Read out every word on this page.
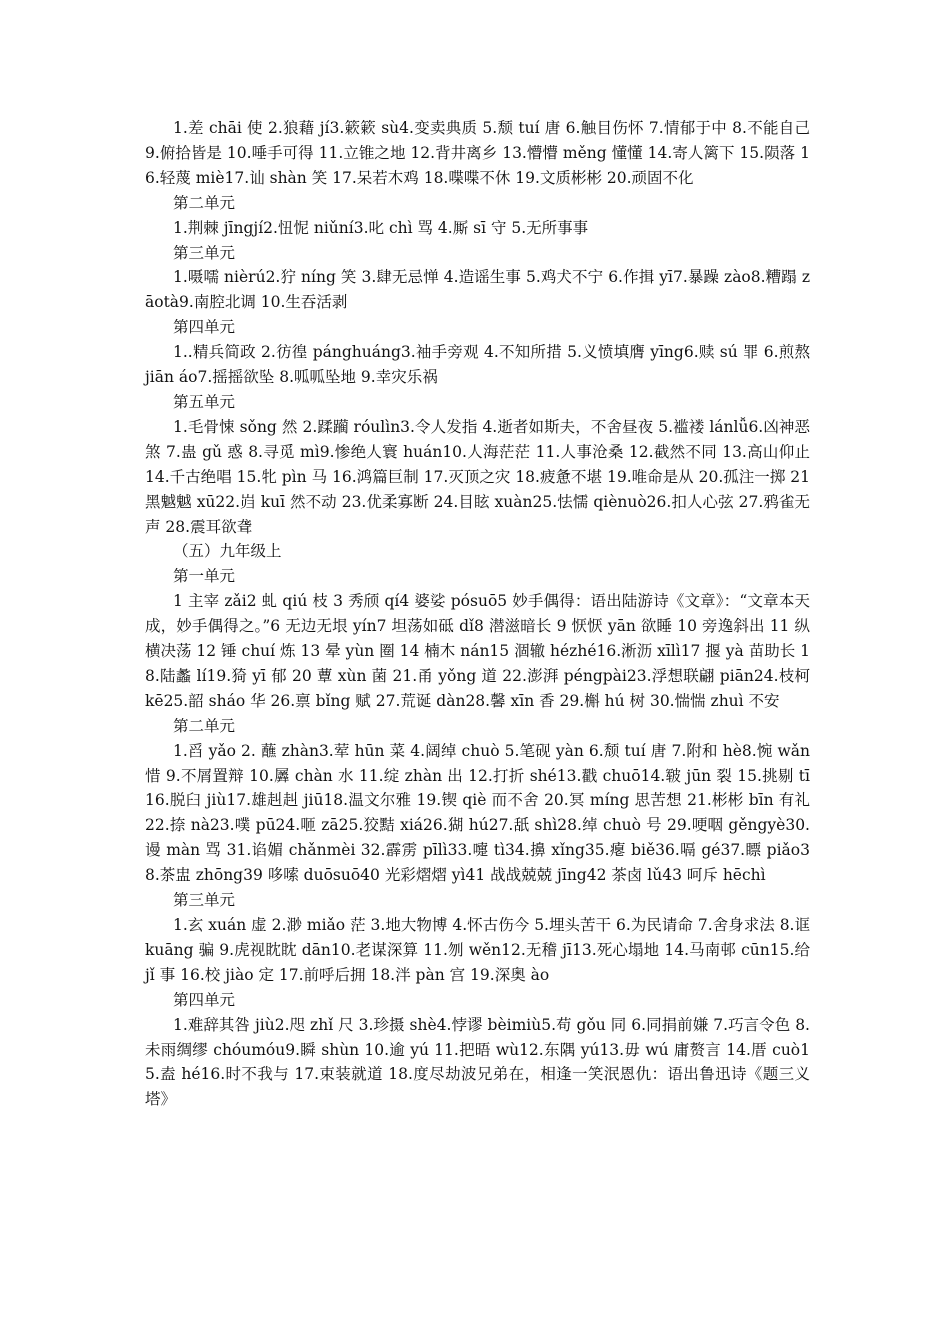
1.差 chāi 使 2.狼藉 jí3.簌簌 sù4.变卖典质 5.颓 tuí 唐 6.触目伤怀 7.情郁于中 8.不能自己 9.俯拾皆是 10.唾手可得 11.立锥之地 12.背井离乡 13.懵懵 měng 懂懂 14.寄人篱下 15.陨落 16.轻蔑 miè17.讪 shàn 笑 17.呆若木鸡 18.喋喋不休 19.文质彬彬 20.顽固不化

第二单元

1.荆棘 jīngjí2.忸怩 niǔní3.叱 chì 骂 4.厮 sī 守 5.无所事事

第三单元

1.嗫嚅 nièrú2.狞 níng 笑 3.肆无忌惮 4.造谣生事 5.鸡犬不宁 6.作揖 yī7.暴躁 zào8.糟蹋 zāotà9.南腔北调 10.生吞活剥

第四单元

1..精兵简政 2.彷徨 pánghuáng3.袖手旁观 4.不知所措 5.义愤填膺 yīng6.赎 sú 罪 6.煎熬 jiān áo7.摇摇欲坠 8.呱呱坠地 9.幸灾乐祸

第五单元

1.毛骨悚 sǒng 然 2.蹂躏 róulìn3.令人发指 4.逝者如斯夫，不舍昼夜 5.褴褛 lánlǚ6.凶神恶煞 7.蛊 gǔ 惑 8.寻觅 mì9.惨绝人寰 huán10.人海茫茫 11.人事沧桑 12.截然不同 13.高山仰止 14.千古绝唱 15.牝 pìn 马 16.鸿篇巨制 17.灭顶之灾 18.疲惫不堪 19.唯命是从 20.孤注一掷 21 黑魆魆 xū22.岿 kuī 然不动 23.优柔寡断 24.目眩 xuàn25.怯懦 qiènuò26.扣人心弦 27.鸦雀无声 28.震耳欲聋

（五）九年级上

第一单元

1 主宰 zǎi2 虬 qiú 枝 3 秀颀 qí4 婆娑 pósuō5 妙手偶得：语出陆游诗《文章》：“文章本天成，妙手偶得之。”6 无边无垠 yín7 坦荡如砥 dǐ8 潜滋暗长 9 恹恹 yān 欲睡 10 旁逸斜出 11 纵横决荡 12 锤 chuí 炼 13 晕 yùn 圈 14 楠木 nán15 涸辙 hézhé16.淅沥 xīlì17 揠 yà 苗助长 18.陆蠡 lí19.猗 yī 郁 20 蕈 xùn 菌 21.甬 yǒng 道 22.澎湃 péngpài23.浮想联翩 piān24.枝柯 kē25.韶 sháo 华 26.禀 bǐng 赋 27.荒诞 dàn28.馨 xīn 香 29.槲 hú 树 30.惴惴 zhuì 不安

第二单元

1.舀 yǎo 2. 蘸 zhàn3.荤 hūn 菜 4.阔绰 chuò 5.笔砚 yàn 6.颓 tuí 唐 7.附和 hè8.惋 wǎn 惜 9.不屑置辩 10.羼 chàn 水 11.绽 zhàn 出 12.打折 shé13.戳 chuō14.皲 jūn 裂 15.挑剔 tī16.脱臼 jiù17.雄赳赳 jiū18.温文尔雅 19.锲 qiè 而不舍 20.冥 míng 思苦想 21.彬彬 bīn 有礼 22.捺 nà23.噗 pū24.咂 zā25.狡黠 xiá26.猢 hú27.舐 shì28.绰 chuò 号 29.哽咽 gěngyè30.谩 màn 骂 31.谄媚 chǎnmèi 32.霹雳 pīlì33.嚏 tì34.擤 xǐng35.瘪 biě36.嗝 gé37.瞟 piǎo38.茶盅 zhōng39 哆嗦 duōsuō40 光彩熠熠 yì41 战战兢兢 jīng42 茶卤 lǔ43 呵斥 hēchì

第三单元

1.玄 xuán 虚 2.渺 miǎo 茫 3.地大物博 4.怀古伤今 5.埋头苦干 6.为民请命 7.舍身求法 8.诓 kuāng 骗 9.虎视眈眈 dān10.老谋深算 11.刎 wěn12.无稽 jī13.死心塌地 14.马南邨 cūn15.给 jǐ 事 16.校 jiào 定 17.前呼后拥 18.泮 pàn 宫 19.深奥 ào

第四单元

1.难辞其咎 jiù2.咫 zhǐ 尺 3.珍摄 shè4.悖谬 bèimiù5.苟 gǒu 同 6.同捐前嫌 7.巧言令色 8.未雨绸缪 chóumóu9.瞬 shùn 10.逾 yú 11.把晤 wù12.东隅 yú13.毋 wú 庸赘言 14.厝 cuò15.盍 hé16.时不我与 17.束装就道 18.度尽劫波兄弟在，相逢一笑泯恩仇：语出鲁迅诗《题三义塔》
